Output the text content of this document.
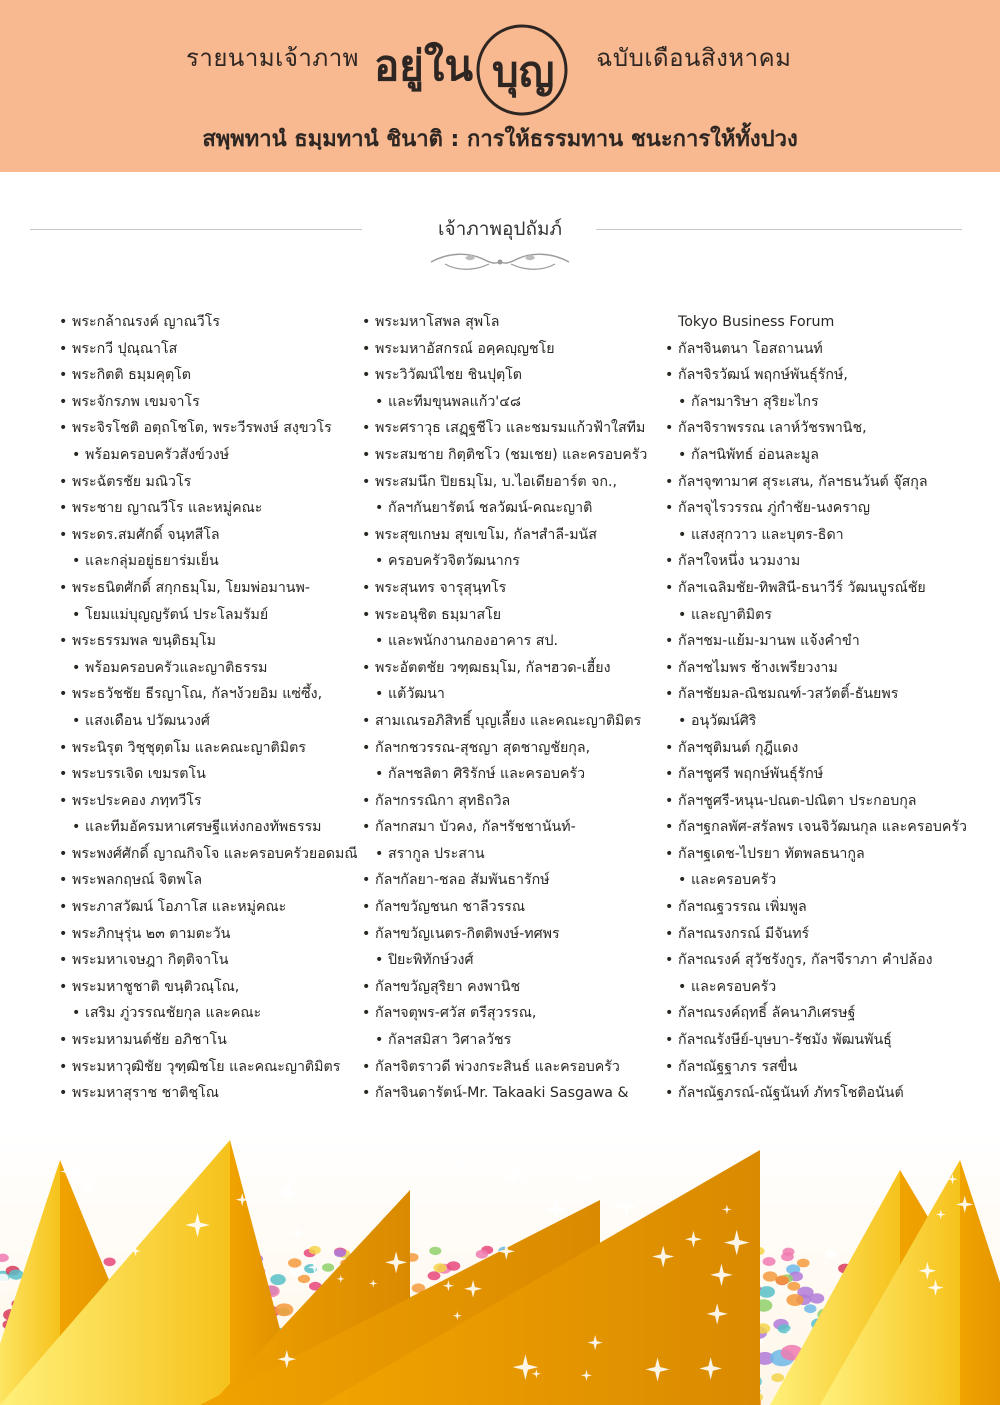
รายนามเจ้าภาพ อยู่ใน บุญ ฉบับเดือนสิงหาคม
สพฺพทานํ ธมฺมทานํ ชินาติ : การให้ธรรมทาน ชนะการให้ทั้งปวง
เจ้าภาพอุปถัมภ์
• พระกล้าณรงค์ ญาณวีโร
• พระกวี ปุณฺณาโส
• พระกิตติ ธมฺมคุตฺโต
• พระจักรภพ เขมจาโร
• พระจิรโชติ อตฺถโชโต, พระวีรพงษ์ สงฺขวโร
• พร้อมครอบครัวสังข์วงษ์
• พระฉัตรชัย มณิวโร
• พระชาย ญาณวีโร และหมู่คณะ
• พระดร.สมศักดิ์ จนฺทสีโล
• และกลุ่มอยู่ธยาร่มเย็น
• พระธนิตศักดิ์ สกฺกธมฺโม, โยมพ่อมานพ-
• โยมแม่บุญญรัตน์ ประโลมรัมย์
• พระธรรมพล ขนฺติธมฺโม
• พร้อมครอบครัวและญาติธรรม
• พระธวัชชัย ธีรญาโณ, กัลฯง้วยอิม แซ่ซึ้ง,
• แสงเดือน ปวัฒนวงศ์
• พระนิรุต วิชฺชุตฺตโม และคณะญาติมิตร
• พระบรรเจิด เขมรตโน
• พระประคอง ภทฺทวีโร
• และทีมอัครมหาเศรษฐีแห่งกองทัพธรรม
• พระพงศ์ศักดิ์ ญาณกิจโจ และครอบครัวยอดมณี
• พระพลกฤษณ์ จิตพโล
• พระภาสวัฒน์ โอภาโส และหมู่คณะ
• พระภิกษุรุ่น ๒๓ ตามตะวัน
• พระมหาเจษฎา กิตฺติจาโน
• พระมหาชูชาติ ขนฺติวณฺโณ,
• เสริม ภู่วรรณชัยกุล และคณะ
• พระมหามนต์ชัย อภิชาโน
• พระมหาวุฒิชัย วุฑฺฒิชโย และคณะญาติมิตร
• พระมหาสุราช ชาติชฺโณ
• พระมหาโสพล สุพโล
• พระมหาอัสกรณ์ อคฺคญฺญชโย
• พระวิวัฒน์ไชย ชินปุตฺโต
• และทีมขุนพลแก้ว'๔๘
• พระศราวุธ เสฏฺฐชีโว และชมรมแก้วฟ้าใสทีม
• พระสมชาย กิตฺติชโว (ชมเชย) และครอบครัว
• พระสมนึก ปิยธมฺโม, บ.ไอเดียอาร์ต จก.,
• กัลฯกันยารัตน์ ชลวัฒน์-คณะญาติ
• พระสุขเกษม สุขเขโม, กัลฯสำลี-มนัส
• ครอบครัวจิตวัฒนากร
• พระสุนทร จารุสุนฺทโร
• พระอนุชิต ธมฺมาสโย
• และพนักงานกองอาคาร สป.
• พระอัตตชัย วฑฺฒธมฺโม, กัลฯฮวด-เฮี้ยง
• แต้วัฒนา
• สามเณรอภิสิทธิ์ บุญเลี้ยง และคณะญาติมิตร
• กัลฯกชวรรณ-สุชญา สุดชาญชัยกุล,
• กัลฯชลิตา ศิริรักษ์ และครอบครัว
• กัลฯกรรณิกา สุทธิถวิล
• กัลฯกสมา บัวคง, กัลฯรัชชานันท์-
• สรากูล ประสาน
• กัลฯกัลยา-ชลอ สัมพันธารักษ์
• กัลฯขวัญชนก ชาลีวรรณ
• กัลฯขวัญเนตร-กิตติพงษ์-ทศพร
• ปิยะพิทักษ์วงศ์
• กัลฯขวัญสุริยา คงพานิช
• กัลฯจตุพร-ศวัส ตรีสุวรรณ,
• กัลฯสมิสา วิศาลวัชร
• กัลฯจิตราวดี พ่วงกระสินธ์ และครอบครัว
• กัลฯจินดารัตน์-Mr. Takaaki Sasgawa &
Tokyo Business Forum
• กัลฯจินตนา โอสถานนท์
• กัลฯจิรวัฒน์ พฤกษ์พันธุ์รักษ์,
• กัลฯมาริษา สุริยะไกร
• กัลฯจิราพรรณ เลาห์วัชรพานิช,
• กัลฯนิพัทธ์ อ่อนละมูล
• กัลฯจุฑามาศ สุระเสน, กัลฯธนวันต์ จุ๊สกุล
• กัลฯจุไรวรรณ ภู่กำชัย-นงคราญ
• แสงสุกวาว และบุตร-ธิดา
• กัลฯใจหนึ่ง นวมงาม
• กัลฯเฉลิมชัย-ทิพสินี-ธนาวีร์ วัฒนบูรณ์ชัย
• และญาติมิตร
• กัลฯชม-แย้ม-มานพ แจ้งคำขำ
• กัลฯชไมพร ช้างเพรียวงาม
• กัลฯชัยมล-ณิชมณฑ์-วสวัตติ์-ธันยพร
• อนุวัฒน์ศิริ
• กัลฯชุติมนต์ กุฎีแดง
• กัลฯชูศรี พฤกษ์พันธุ์รักษ์
• กัลฯชูศรี-หนุน-ปณต-ปณิตา ประกอบกุล
• กัลฯฐกลพัศ-สรัลพร เจนจิวัฒนกุล และครอบครัว
• กัลฯฐเดช-ไปรยา ทัตพลธนากูล
• และครอบครัว
• กัลฯณฐวรรณ เพิ่มพูล
• กัลฯณรงกรณ์ มีจันทร์
• กัลฯณรงค์ สุวัชรังกูร, กัลฯจีราภา คำปล้อง
• และครอบครัว
• กัลฯณรงค์ฤทธิ์ ลัคนาภิเศรษฐ์
• กัลฯณรังษีย์-บุษบา-รัชมัง พัฒนพันธุ์
• กัลฯณัฐฐาภร รสขื่น
• กัลฯณัฐภรณ์-ณัฐนันท์ ภัทรโชติอนันต์
